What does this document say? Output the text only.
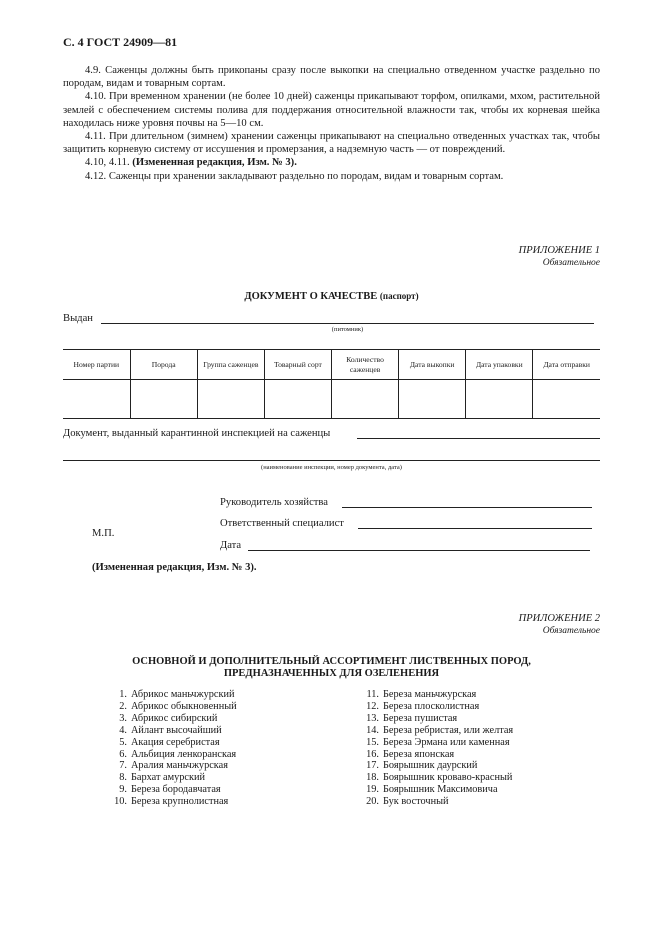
С. 4 ГОСТ 24909—81

4.9. Саженцы должны быть прикопаны сразу после выкопки на специально отведенном участке раздельно по породам, видам и товарным сортам.

4.10. При временном хранении (не более 10 дней) саженцы прикапывают торфом, опилками, мхом, растительной землей с обеспечением системы полива для поддержания относительной влажности так, чтобы их корневая шейка находилась ниже уровня почвы на 5—10 см.

4.11. При длительном (зимнем) хранении саженцы прикапывают на специально отведенных участках так, чтобы защитить корневую систему от иссушения и промерзания, а надземную часть — от повреждений.

4.10, 4.11. (Измененная редакция, Изм. № 3).

4.12. Саженцы при хранении закладывают раздельно по породам, видам и товарным сортам.

ПРИЛОЖЕНИЕ 1
Обязательное
ДОКУМЕНТ О КАЧЕСТВЕ (паспорт)
Выдан
(питомник)
Номер партии	Порода	Группа саженцев	Товарный сорт	Количество саженцев	Дата выкопки	Дата упаковки	Дата отправки

Документ, выданный карантинной инспекцией на саженцы
(наименование инспекции, номер документа, дата)
Руководитель хозяйства
Ответственный специалист
М.П.
Дата
(Измененная редакция, Изм. № 3).
ПРИЛОЖЕНИЕ 2
Обязательное
ОСНОВНОЙ И ДОПОЛНИТЕЛЬНЫЙ АССОРТИМЕНТ ЛИСТВЕННЫХ ПОРОД,
ПРЕДНАЗНАЧЕННЫХ ДЛЯ ОЗЕЛЕНЕНИЯ
1. Абрикос маньчжурский
2. Абрикос обыкновенный
3. Абрикос сибирский
4. Айлант высочайший
5. Акация серебристая
6. Альбиция ленкоранская
7. Аралия маньчжурская
8. Бархат амурский
9. Береза бородавчатая
10. Береза крупнолистная
11. Береза маньчжурская
12. Береза плосколистная
13. Береза пушистая
14. Береза ребристая, или желтая
15. Береза Эрмана или каменная
16. Береза японская
17. Боярышник даурский
18. Боярышник кроваво-красный
19. Боярышник Максимовича
20. Бук восточный
